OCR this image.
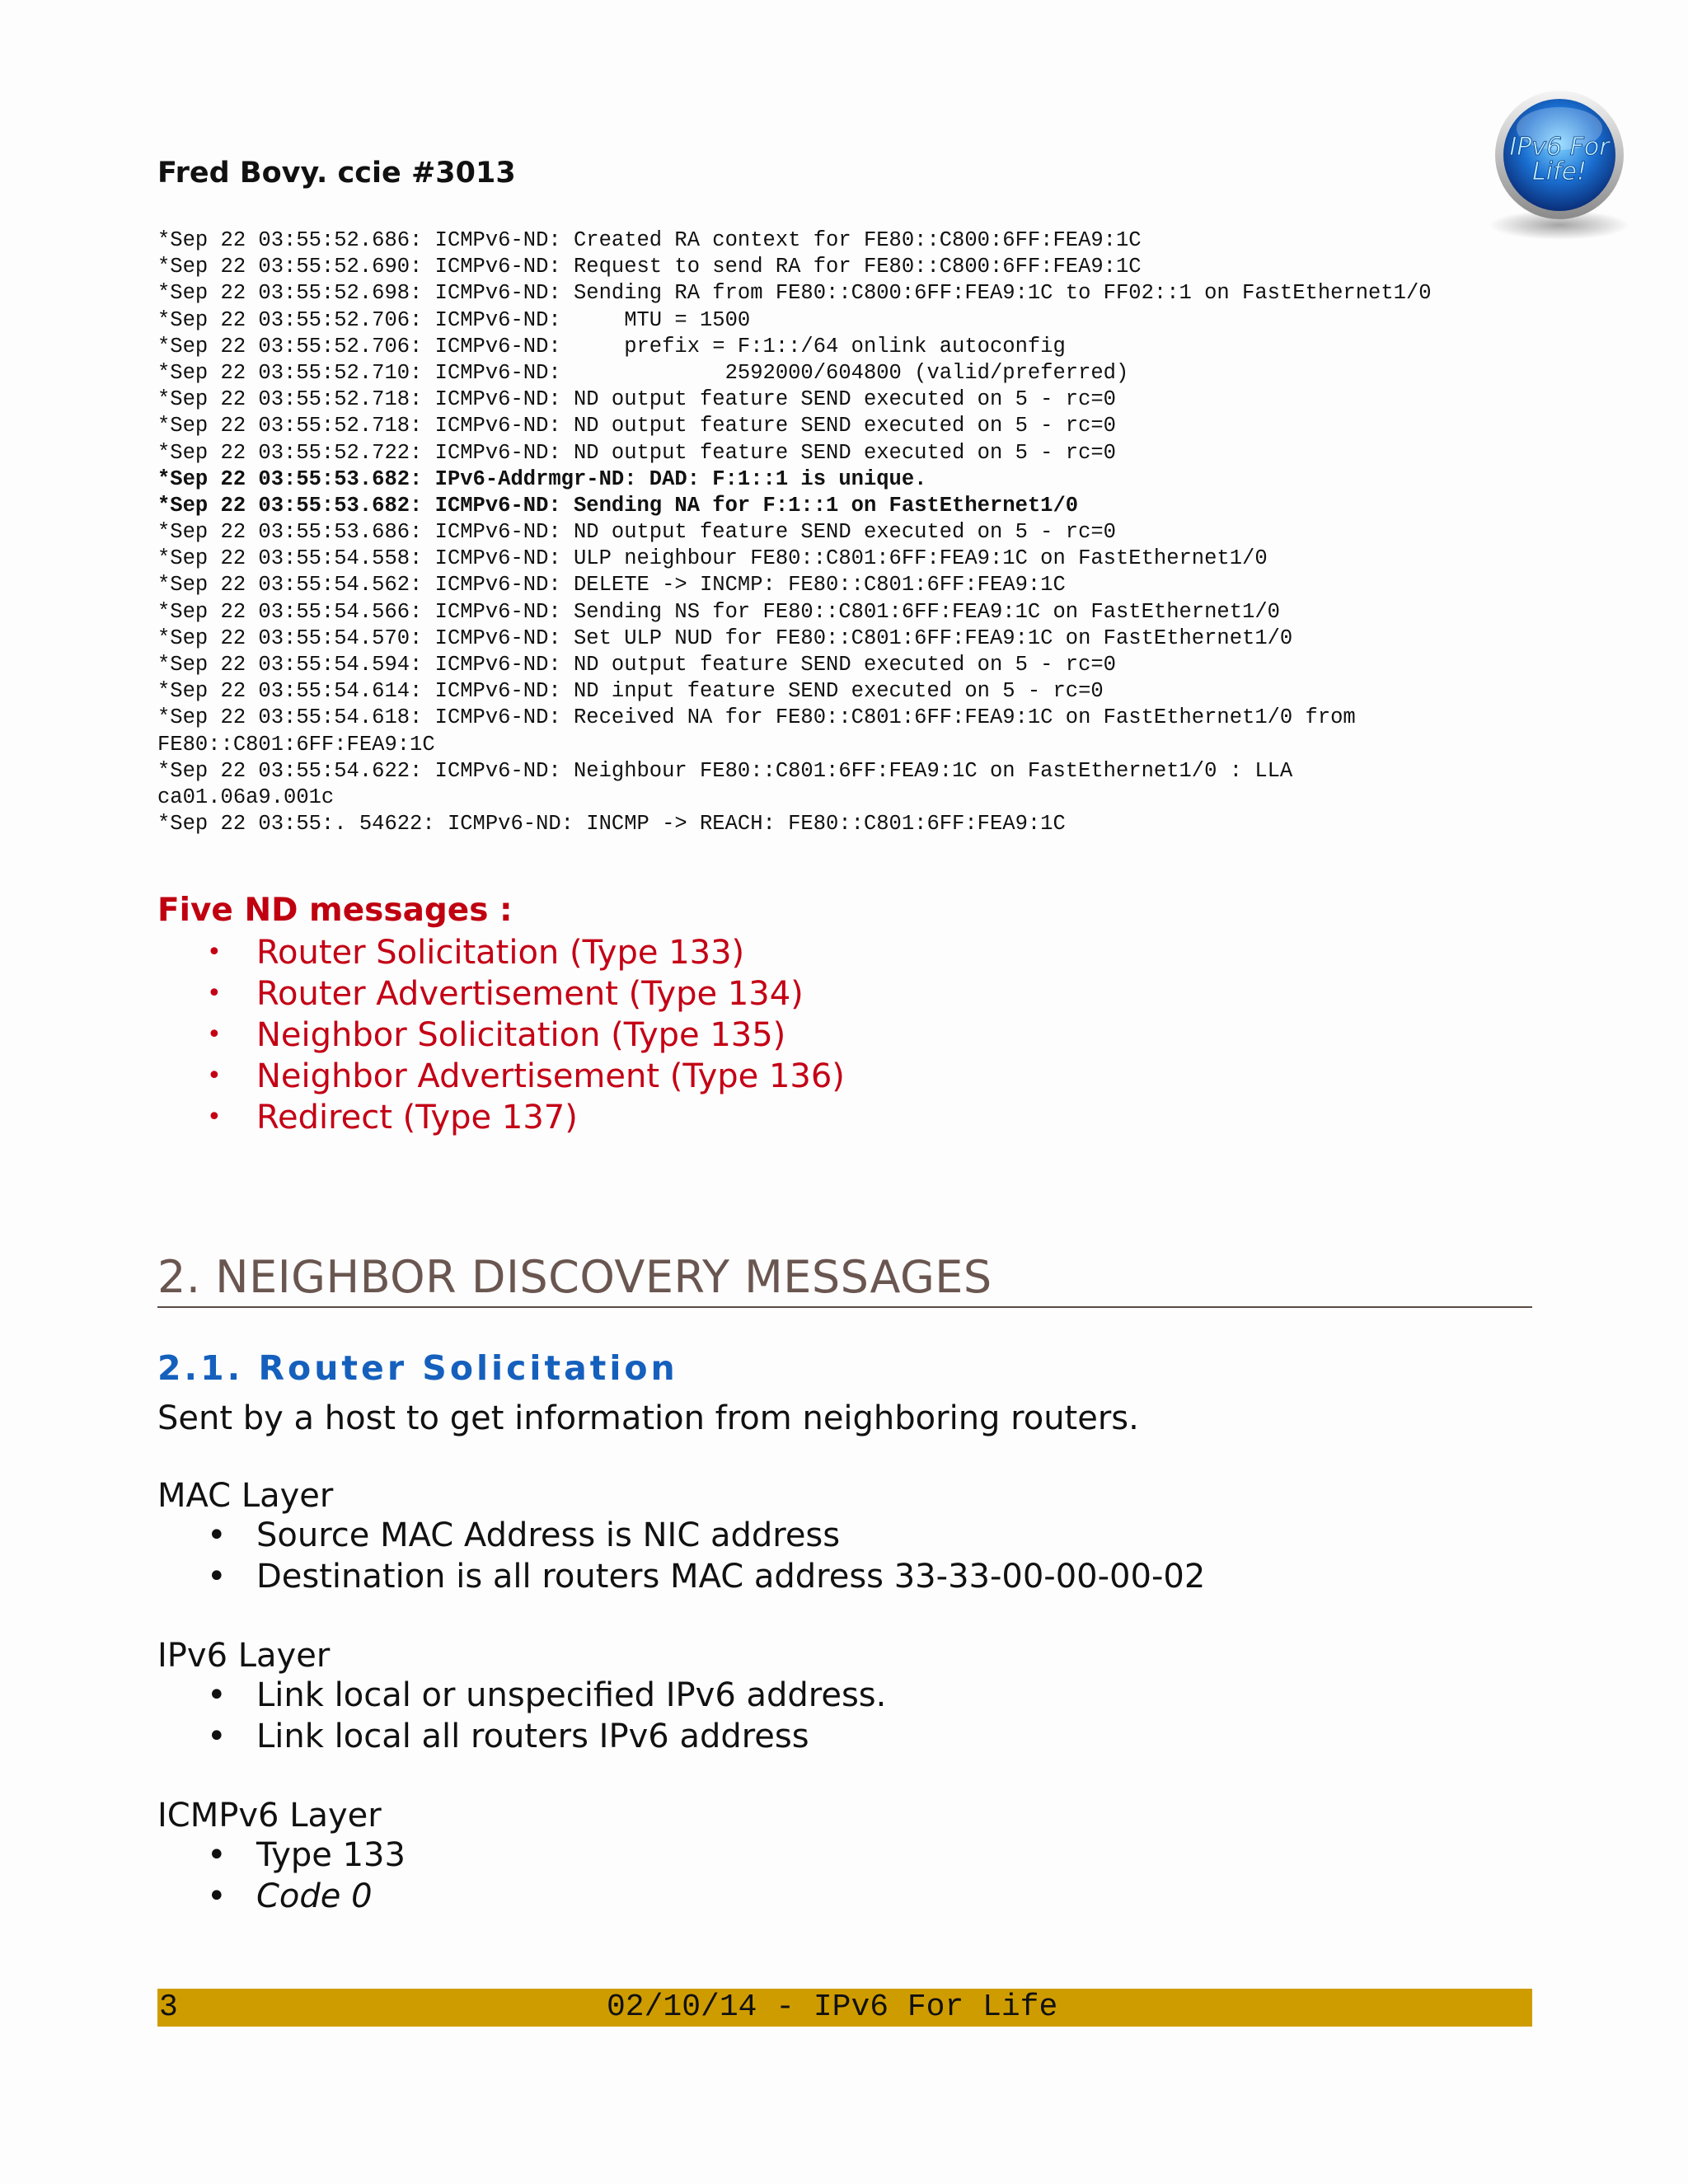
Fred Bovy. ccie #3013
IPv6 For
Life!
*Sep 22 03:55:52.686: ICMPv6-ND: Created RA context for FE80::C800:6FF:FEA9:1C
*Sep 22 03:55:52.690: ICMPv6-ND: Request to send RA for FE80::C800:6FF:FEA9:1C
*Sep 22 03:55:52.698: ICMPv6-ND: Sending RA from FE80::C800:6FF:FEA9:1C to FF02::1 on FastEthernet1/0
*Sep 22 03:55:52.706: ICMPv6-ND:     MTU = 1500
*Sep 22 03:55:52.706: ICMPv6-ND:     prefix = F:1::/64 onlink autoconfig
*Sep 22 03:55:52.710: ICMPv6-ND:             2592000/604800 (valid/preferred)
*Sep 22 03:55:52.718: ICMPv6-ND: ND output feature SEND executed on 5 - rc=0
*Sep 22 03:55:52.718: ICMPv6-ND: ND output feature SEND executed on 5 - rc=0
*Sep 22 03:55:52.722: ICMPv6-ND: ND output feature SEND executed on 5 - rc=0
*Sep 22 03:55:53.682: IPv6-Addrmgr-ND: DAD: F:1::1 is unique.
*Sep 22 03:55:53.682: ICMPv6-ND: Sending NA for F:1::1 on FastEthernet1/0
*Sep 22 03:55:53.686: ICMPv6-ND: ND output feature SEND executed on 5 - rc=0
*Sep 22 03:55:54.558: ICMPv6-ND: ULP neighbour FE80::C801:6FF:FEA9:1C on FastEthernet1/0
*Sep 22 03:55:54.562: ICMPv6-ND: DELETE -> INCMP: FE80::C801:6FF:FEA9:1C
*Sep 22 03:55:54.566: ICMPv6-ND: Sending NS for FE80::C801:6FF:FEA9:1C on FastEthernet1/0
*Sep 22 03:55:54.570: ICMPv6-ND: Set ULP NUD for FE80::C801:6FF:FEA9:1C on FastEthernet1/0
*Sep 22 03:55:54.594: ICMPv6-ND: ND output feature SEND executed on 5 - rc=0
*Sep 22 03:55:54.614: ICMPv6-ND: ND input feature SEND executed on 5 - rc=0
*Sep 22 03:55:54.618: ICMPv6-ND: Received NA for FE80::C801:6FF:FEA9:1C on FastEthernet1/0 from
FE80::C801:6FF:FEA9:1C
*Sep 22 03:55:54.622: ICMPv6-ND: Neighbour FE80::C801:6FF:FEA9:1C on FastEthernet1/0 : LLA
ca01.06a9.001c
*Sep 22 03:55:. 54622: ICMPv6-ND: INCMP -> REACH: FE80::C801:6FF:FEA9:1C
Five ND messages :
• Router Solicitation (Type 133)
• Router Advertisement (Type 134)
• Neighbor Solicitation (Type 135)
• Neighbor Advertisement (Type 136)
• Redirect (Type 137)
2. NEIGHBOR DISCOVERY MESSAGES
2.1. Router Solicitation
Sent by a host to get information from neighboring routers.
MAC Layer
• Source MAC Address is NIC address
• Destination is all routers MAC address 33-33-00-00-00-02
IPv6 Layer
• Link local or unspecified IPv6 address.
• Link local all routers IPv6 address
ICMPv6 Layer
• Type 133
• Code 0
3	02/10/14 - IPv6 For Life
